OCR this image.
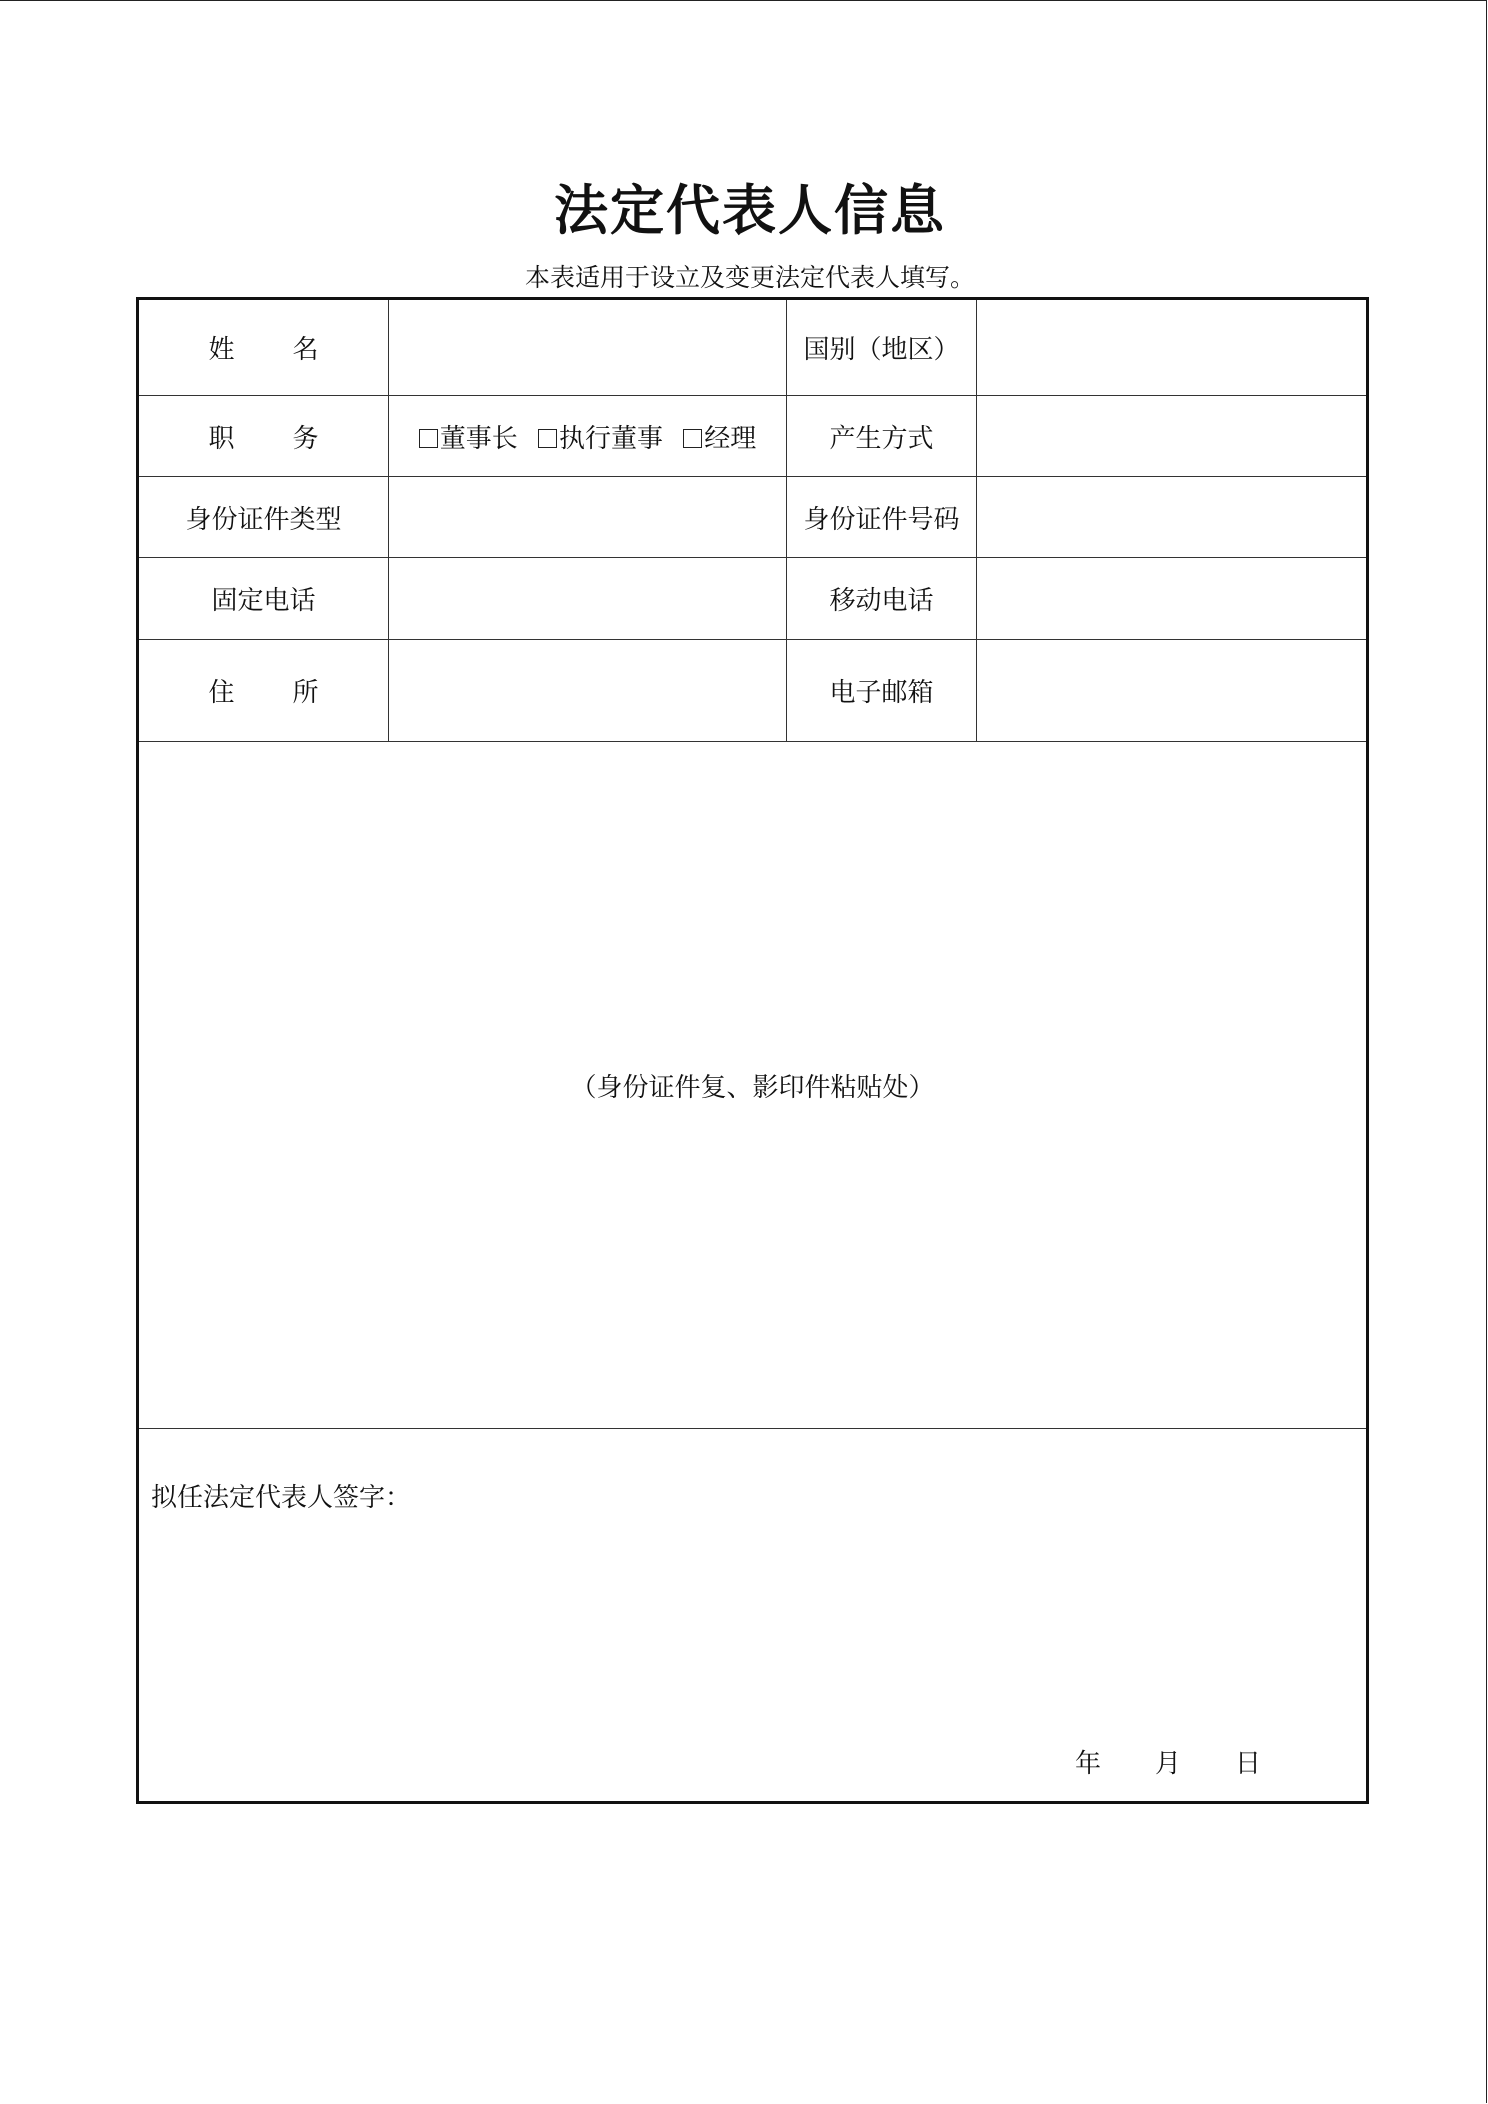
法定代表人信息
本表适用于设立及变更法定代表人填写。
姓 名		国别（地区）	
职 务	董事长 执行董事 经理	产生方式	
身份证件类型		身份证件号码	
固定电话		移动电话	
住 所		电子邮箱	
（身份证件复、影印件粘贴处）			

拟任法定代表人签字：
年 月 日			
